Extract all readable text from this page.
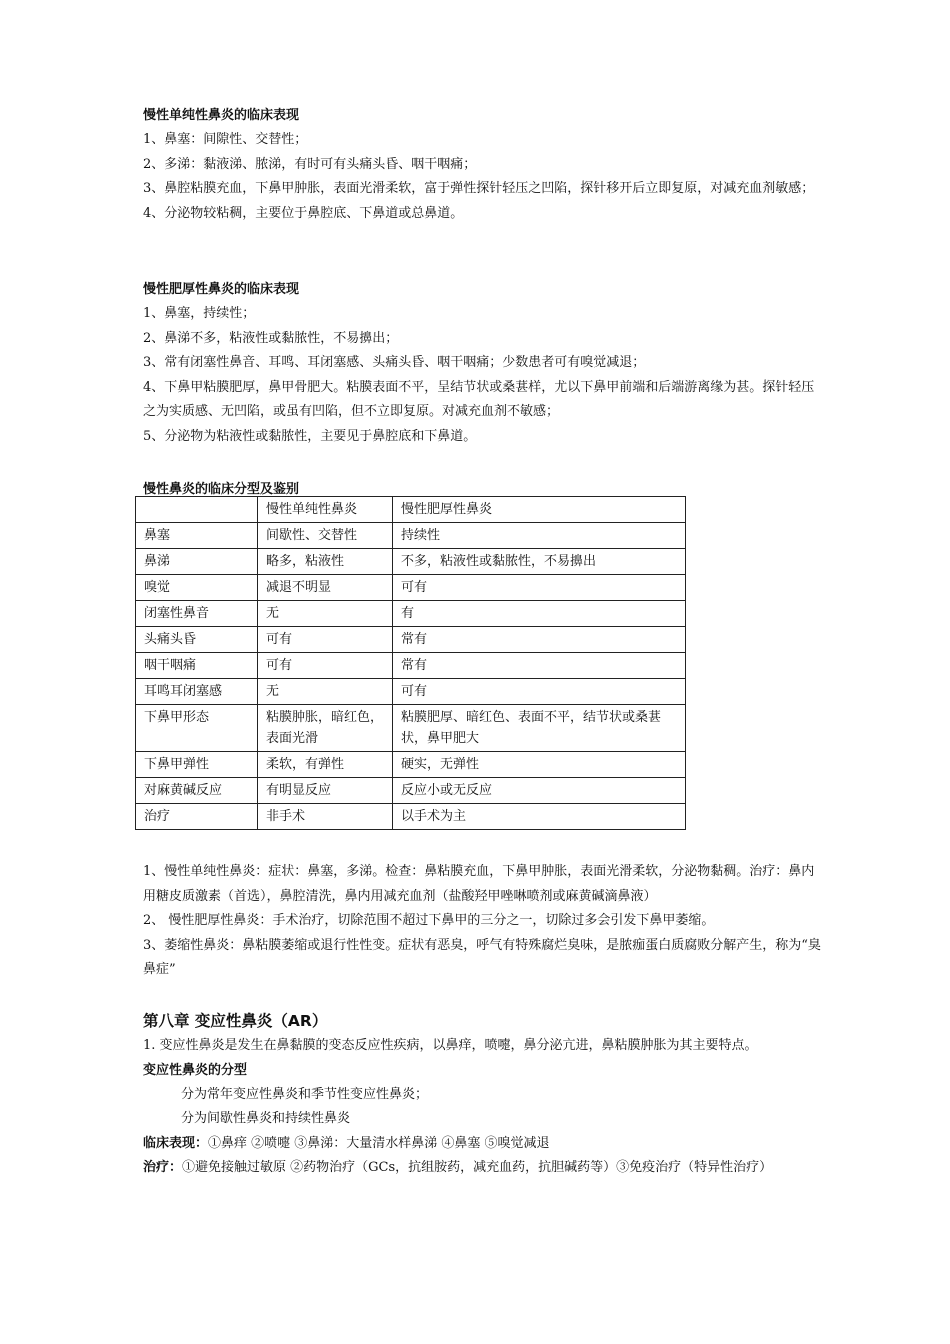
慢性单纯性鼻炎的临床表现
1、鼻塞：间隙性、交替性；
2、多涕：黏液涕、脓涕，有时可有头痛头昏、咽干咽痛；
3、鼻腔粘膜充血，下鼻甲肿胀，表面光滑柔软，富于弹性探针轻压之凹陷，探针移开后立即复原，对减充血剂敏感；
4、分泌物较粘稠，主要位于鼻腔底、下鼻道或总鼻道。
慢性肥厚性鼻炎的临床表现
1、鼻塞，持续性；
2、鼻涕不多，粘液性或黏脓性，不易擤出；
3、常有闭塞性鼻音、耳鸣、耳闭塞感、头痛头昏、咽干咽痛；少数患者可有嗅觉减退；
4、下鼻甲粘膜肥厚，鼻甲骨肥大。粘膜表面不平，呈结节状或桑葚样，尤以下鼻甲前端和后端游离缘为甚。探针轻压之为实质感、无凹陷，或虽有凹陷，但不立即复原。对减充血剂不敏感；
5、分泌物为粘液性或黏脓性，主要见于鼻腔底和下鼻道。
慢性鼻炎的临床分型及鉴别
	慢性单纯性鼻炎	慢性肥厚性鼻炎
鼻塞	间歇性、交替性	持续性
鼻涕	略多，粘液性	不多，粘液性或黏脓性，不易擤出
嗅觉	减退不明显	可有
闭塞性鼻音	无	有
头痛头昏	可有	常有
咽干咽痛	可有	常有
耳鸣耳闭塞感	无	可有
下鼻甲形态	粘膜肿胀，暗红色，表面光滑	粘膜肥厚、暗红色、表面不平，结节状或桑葚状，鼻甲肥大
下鼻甲弹性	柔软，有弹性	硬实，无弹性
对麻黄碱反应	有明显反应	反应小或无反应
治疗	非手术	以手术为主
1、慢性单纯性鼻炎：症状：鼻塞，多涕。检查：鼻粘膜充血，下鼻甲肿胀，表面光滑柔软，分泌物黏稠。治疗：鼻内用糖皮质激素（首选），鼻腔清洗，鼻内用减充血剂（盐酸羟甲唑啉喷剂或麻黄碱滴鼻液）
2、 慢性肥厚性鼻炎：手术治疗，切除范围不超过下鼻甲的三分之一，切除过多会引发下鼻甲萎缩。
3、萎缩性鼻炎：鼻粘膜萎缩或退行性性变。症状有恶臭，呼气有特殊腐烂臭味，是脓痂蛋白质腐败分解产生，称为“臭鼻症”
第八章 变应性鼻炎（AR）
1. 变应性鼻炎是发生在鼻黏膜的变态反应性疾病，以鼻痒，喷嚏，鼻分泌亢进，鼻粘膜肿胀为其主要特点。
变应性鼻炎的分型
分为常年变应性鼻炎和季节性变应性鼻炎；
分为间歇性鼻炎和持续性鼻炎
临床表现：①鼻痒 ②喷嚏 ③鼻涕：大量清水样鼻涕 ④鼻塞 ⑤嗅觉减退
治疗：①避免接触过敏原 ②药物治疗（GCs，抗组胺药，减充血药，抗胆碱药等）③免疫治疗（特异性治疗）
